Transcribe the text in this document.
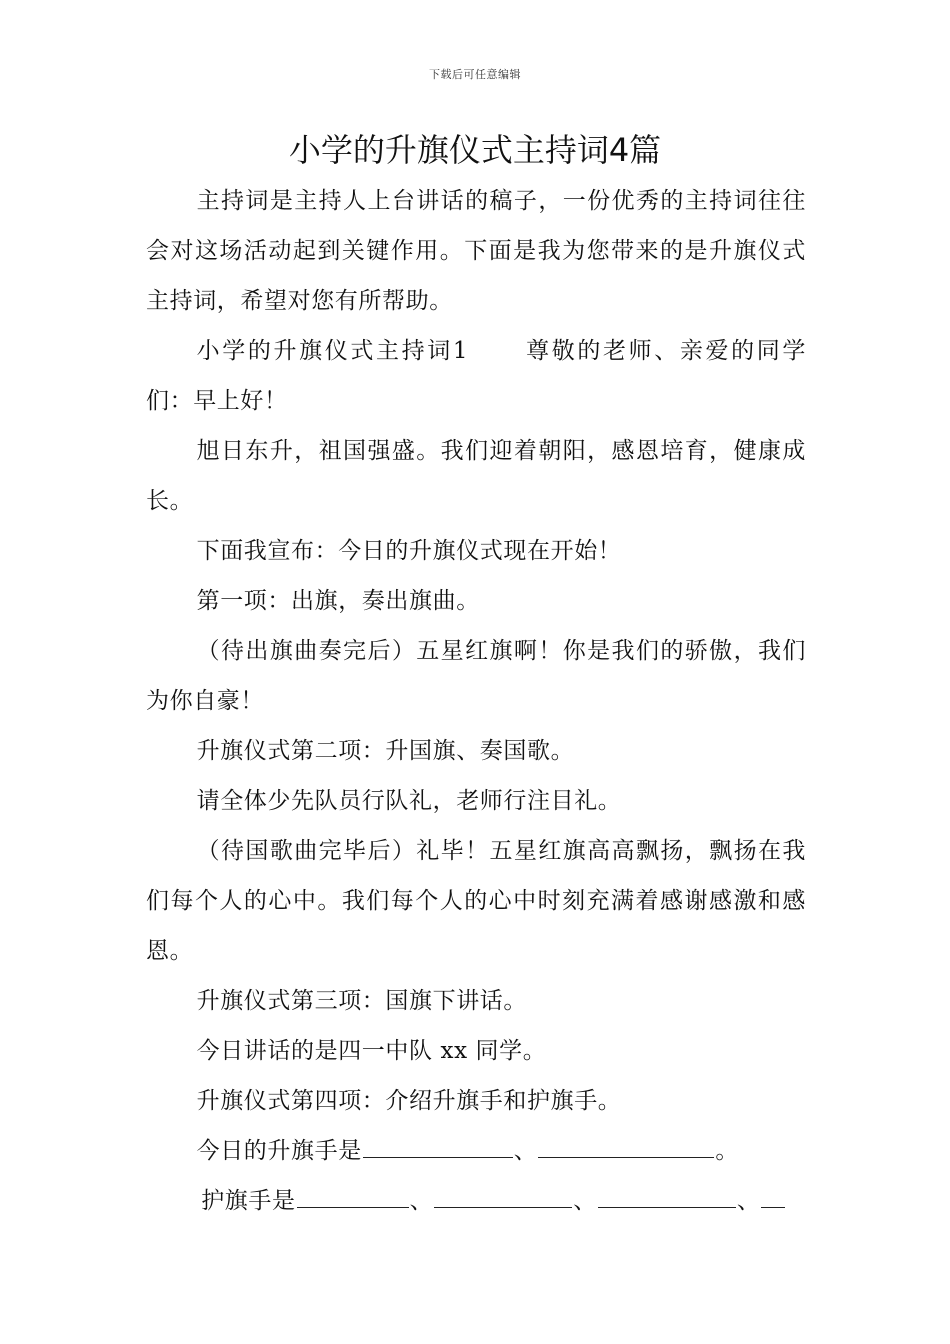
下载后可任意编辑
小学的升旗仪式主持词4篇

主持词是主持人上台讲话的稿子，一份优秀的主持词往往会对这场活动起到关键作用。下面是我为您带来的是升旗仪式主持词，希望对您有所帮助。

小学的升旗仪式主持词1 尊敬的老师、亲爱的同学们：早上好！

旭日东升，祖国强盛。我们迎着朝阳，感恩培育，健康成长。

下面我宣布：今日的升旗仪式现在开始！

第一项：出旗，奏出旗曲。

（待出旗曲奏完后）五星红旗啊！你是我们的骄傲，我们为你自豪！

升旗仪式第二项：升国旗、奏国歌。

请全体少先队员行队礼，老师行注目礼。

（待国歌曲完毕后）礼毕！五星红旗高高飘扬，飘扬在我们每个人的心中。我们每个人的心中时刻充满着感谢感激和感恩。

升旗仪式第三项：国旗下讲话。

今日讲话的是四一中队 xx 同学。

升旗仪式第四项：介绍升旗手和护旗手。

今日的升旗手是	、	。

护旗手是	、	、	、
